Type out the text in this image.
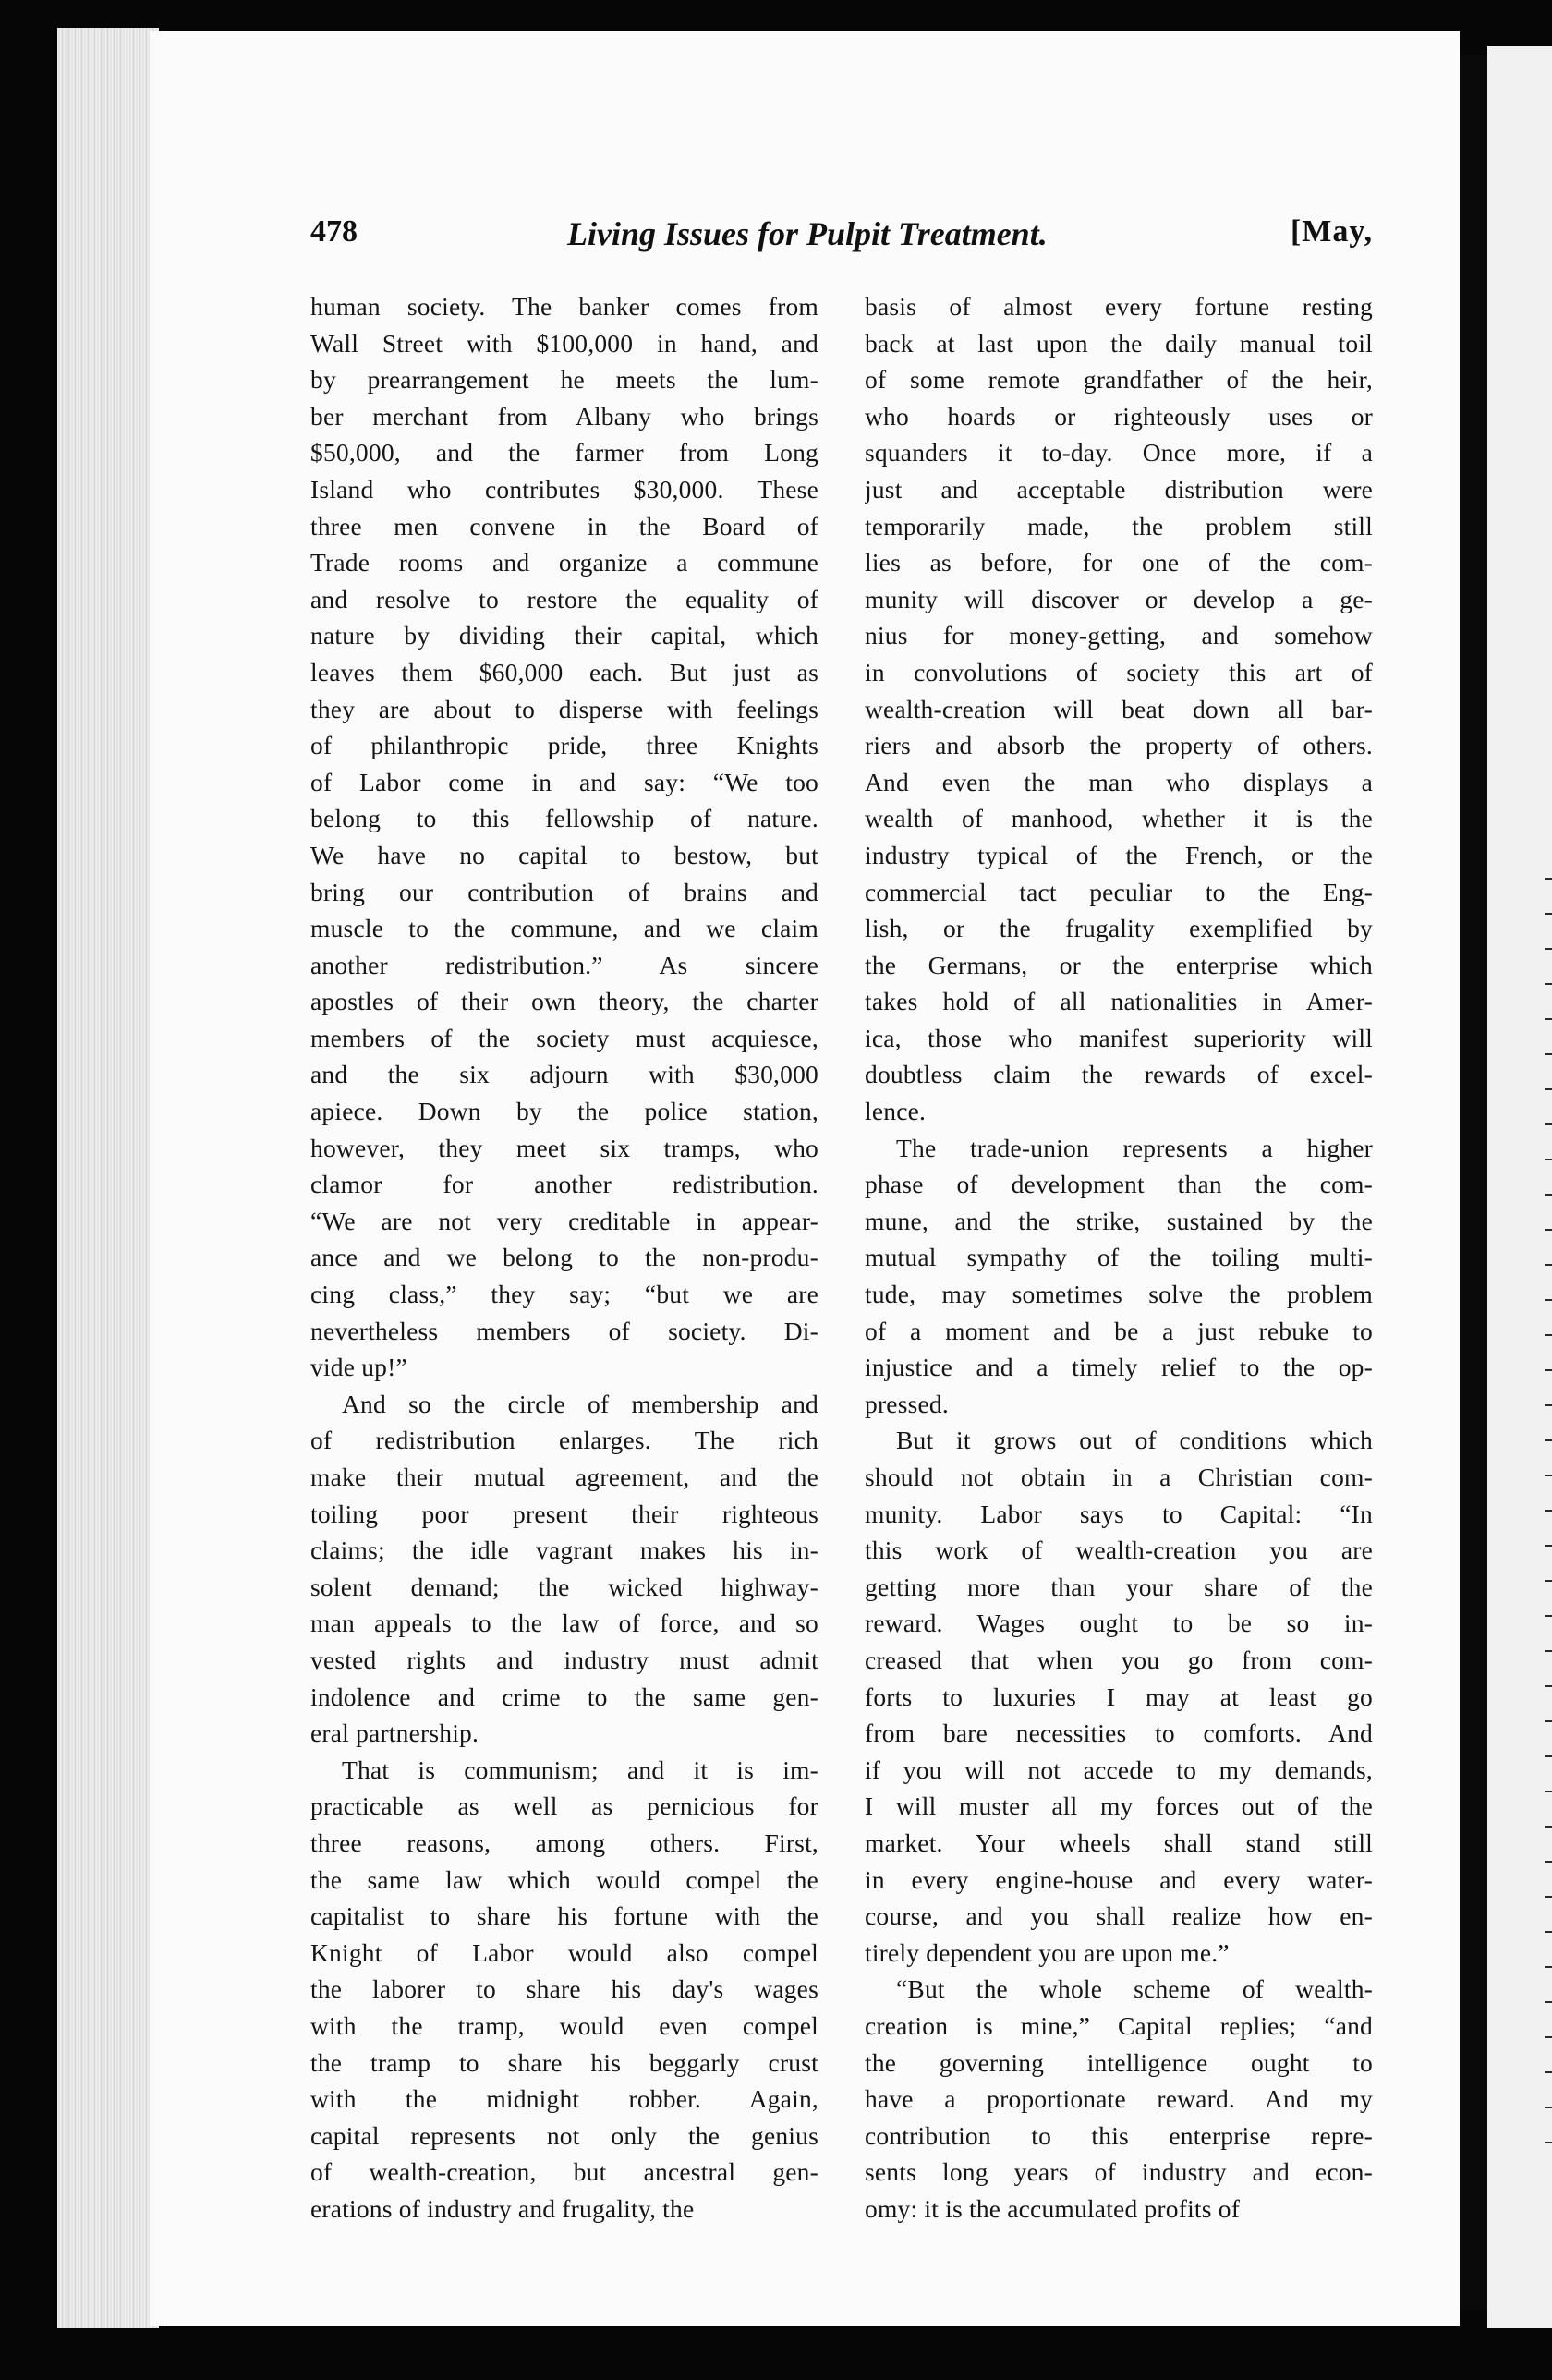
478	Living Issues for Pulpit Treatment.	[May,
human society. The banker comes from
Wall Street with $100,000 in hand, and
by prearrangement he meets the lum-
ber merchant from Albany who brings
$50,000, and the farmer from Long
Island who contributes $30,000. These
three men convene in the Board of
Trade rooms and organize a commune
and resolve to restore the equality of
nature by dividing their capital, which
leaves them $60,000 each. But just as
they are about to disperse with feelings
of philanthropic pride, three Knights
of Labor come in and say: “We too
belong to this fellowship of nature.
We have no capital to bestow, but
bring our contribution of brains and
muscle to the commune, and we claim
another redistribution.” As sincere
apostles of their own theory, the charter
members of the society must acquiesce,
and the six adjourn with $30,000
apiece. Down by the police station,
however, they meet six tramps, who
clamor for another redistribution.
“We are not very creditable in appear-
ance and we belong to the non-produ-
cing class,” they say; “but we are
nevertheless members of society. Di-
vide up!”
And so the circle of membership and
of redistribution enlarges. The rich
make their mutual agreement, and the
toiling poor present their righteous
claims; the idle vagrant makes his in-
solent demand; the wicked highway-
man appeals to the law of force, and so
vested rights and industry must admit
indolence and crime to the same gen-
eral partnership.
That is communism; and it is im-
practicable as well as pernicious for
three reasons, among others. First,
the same law which would compel the
capitalist to share his fortune with the
Knight of Labor would also compel
the laborer to share his day's wages
with the tramp, would even compel
the tramp to share his beggarly crust
with the midnight robber. Again,
capital represents not only the genius
of wealth-creation, but ancestral gen-
erations of industry and frugality, the
basis of almost every fortune resting
back at last upon the daily manual toil
of some remote grandfather of the heir,
who hoards or righteously uses or
squanders it to-day. Once more, if a
just and acceptable distribution were
temporarily made, the problem still
lies as before, for one of the com-
munity will discover or develop a ge-
nius for money-getting, and somehow
in convolutions of society this art of
wealth-creation will beat down all bar-
riers and absorb the property of others.
And even the man who displays a
wealth of manhood, whether it is the
industry typical of the French, or the
commercial tact peculiar to the Eng-
lish, or the frugality exemplified by
the Germans, or the enterprise which
takes hold of all nationalities in Amer-
ica, those who manifest superiority will
doubtless claim the rewards of excel-
lence.
The trade-union represents a higher
phase of development than the com-
mune, and the strike, sustained by the
mutual sympathy of the toiling multi-
tude, may sometimes solve the problem
of a moment and be a just rebuke to
injustice and a timely relief to the op-
pressed.
But it grows out of conditions which
should not obtain in a Christian com-
munity. Labor says to Capital: “In
this work of wealth-creation you are
getting more than your share of the
reward. Wages ought to be so in-
creased that when you go from com-
forts to luxuries I may at least go
from bare necessities to comforts. And
if you will not accede to my demands,
I will muster all my forces out of the
market. Your wheels shall stand still
in every engine-house and every water-
course, and you shall realize how en-
tirely dependent you are upon me.”
“But the whole scheme of wealth-
creation is mine,” Capital replies; “and
the governing intelligence ought to
have a proportionate reward. And my
contribution to this enterprise repre-
sents long years of industry and econ-
omy: it is the accumulated profits of
